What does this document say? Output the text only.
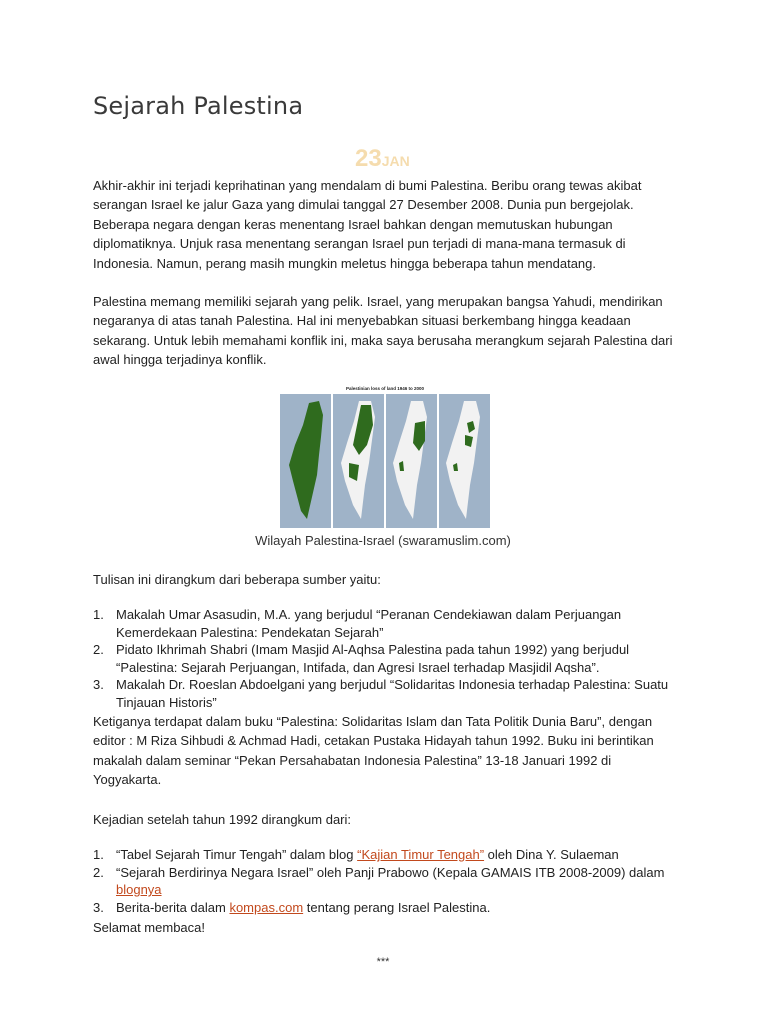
Sejarah Palestina
23JAN

Akhir-akhir ini terjadi keprihatinan yang mendalam di bumi Palestina. Beribu orang tewas akibat serangan Israel ke jalur Gaza yang dimulai tanggal 27 Desember 2008. Dunia pun bergejolak. Beberapa negara dengan keras menentang Israel bahkan dengan memutuskan hubungan diplomatiknya. Unjuk rasa menentang serangan Israel pun terjadi di mana-mana termasuk di Indonesia. Namun, perang masih mungkin meletus hingga beberapa tahun mendatang.

Palestina memang memiliki sejarah yang pelik. Israel, yang merupakan bangsa Yahudi, mendirikan negaranya di atas tanah Palestina. Hal ini menyebabkan situasi berkembang hingga keadaan sekarang. Untuk lebih memahami konflik ini, maka saya berusaha merangkum sejarah Palestina dari awal hingga terjadinya konflik.

Palestinian loss of land 1946 to 2000
Wilayah Palestina-Israel (swaramuslim.com)

Tulisan ini dirangkum dari beberapa sumber yaitu:

1. Makalah Umar Asasudin, M.A. yang berjudul “Peranan Cendekiawan dalam Perjuangan Kemerdekaan Palestina: Pendekatan Sejarah”
2. Pidato Ikhrimah Shabri (Imam Masjid Al-Aqhsa Palestina pada tahun 1992) yang berjudul “Palestina: Sejarah Perjuangan, Intifada, dan Agresi Israel terhadap Masjidil Aqsha”.
3. Makalah Dr. Roeslan Abdoelgani yang berjudul “Solidaritas Indonesia terhadap Palestina: Suatu Tinjauan Historis”

Ketiganya terdapat dalam buku “Palestina: Solidaritas Islam dan Tata Politik Dunia Baru”, dengan editor : M Riza Sihbudi & Achmad Hadi, cetakan Pustaka Hidayah tahun 1992. Buku ini berintikan makalah dalam seminar “Pekan Persahabatan Indonesia Palestina” 13-18 Januari 1992 di Yogyakarta.

Kejadian setelah tahun 1992 dirangkum dari:

1. “Tabel Sejarah Timur Tengah” dalam blog “Kajian Timur Tengah” oleh Dina Y. Sulaeman
2. “Sejarah Berdirinya Negara Israel” oleh Panji Prabowo (Kepala GAMAIS ITB 2008-2009) dalam blognya
3. Berita-berita dalam kompas.com tentang perang Israel Palestina.

Selamat membaca!

***
